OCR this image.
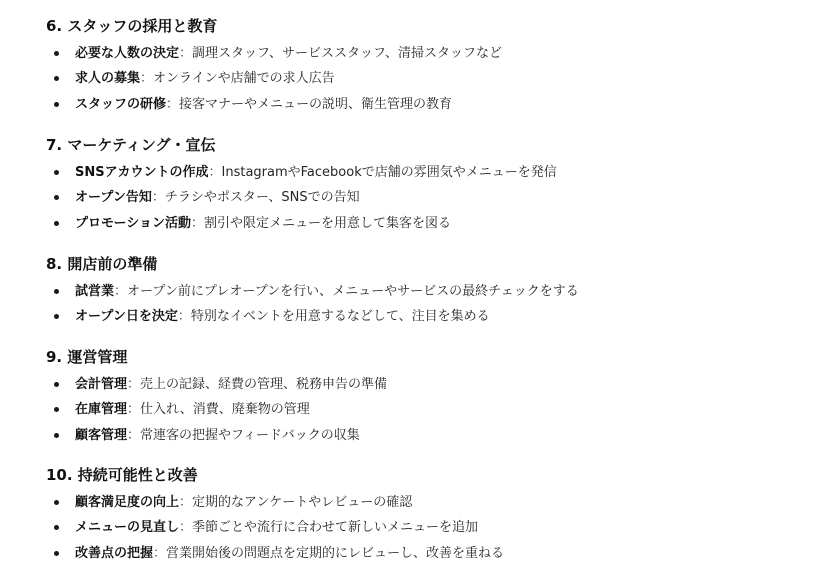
6. スタッフの採用と教育
必要な人数の決定：調理スタッフ、サービススタッフ、清掃スタッフなど
求人の募集：オンラインや店舗での求人広告
スタッフの研修：接客マナーやメニューの説明、衛生管理の教育
7. マーケティング・宣伝
SNSアカウントの作成：InstagramやFacebookで店舗の雰囲気やメニューを発信
オープン告知：チラシやポスター、SNSでの告知
プロモーション活動：割引や限定メニューを用意して集客を図る
8. 開店前の準備
試営業：オープン前にプレオープンを行い、メニューやサービスの最終チェックをする
オープン日を決定：特別なイベントを用意するなどして、注目を集める
9. 運営管理
会計管理：売上の記録、経費の管理、税務申告の準備
在庫管理：仕入れ、消費、廃棄物の管理
顧客管理：常連客の把握やフィードバックの収集
10. 持続可能性と改善
顧客満足度の向上：定期的なアンケートやレビューの確認
メニューの見直し：季節ごとや流行に合わせて新しいメニューを追加
改善点の把握：営業開始後の問題点を定期的にレビューし、改善を重ねる
